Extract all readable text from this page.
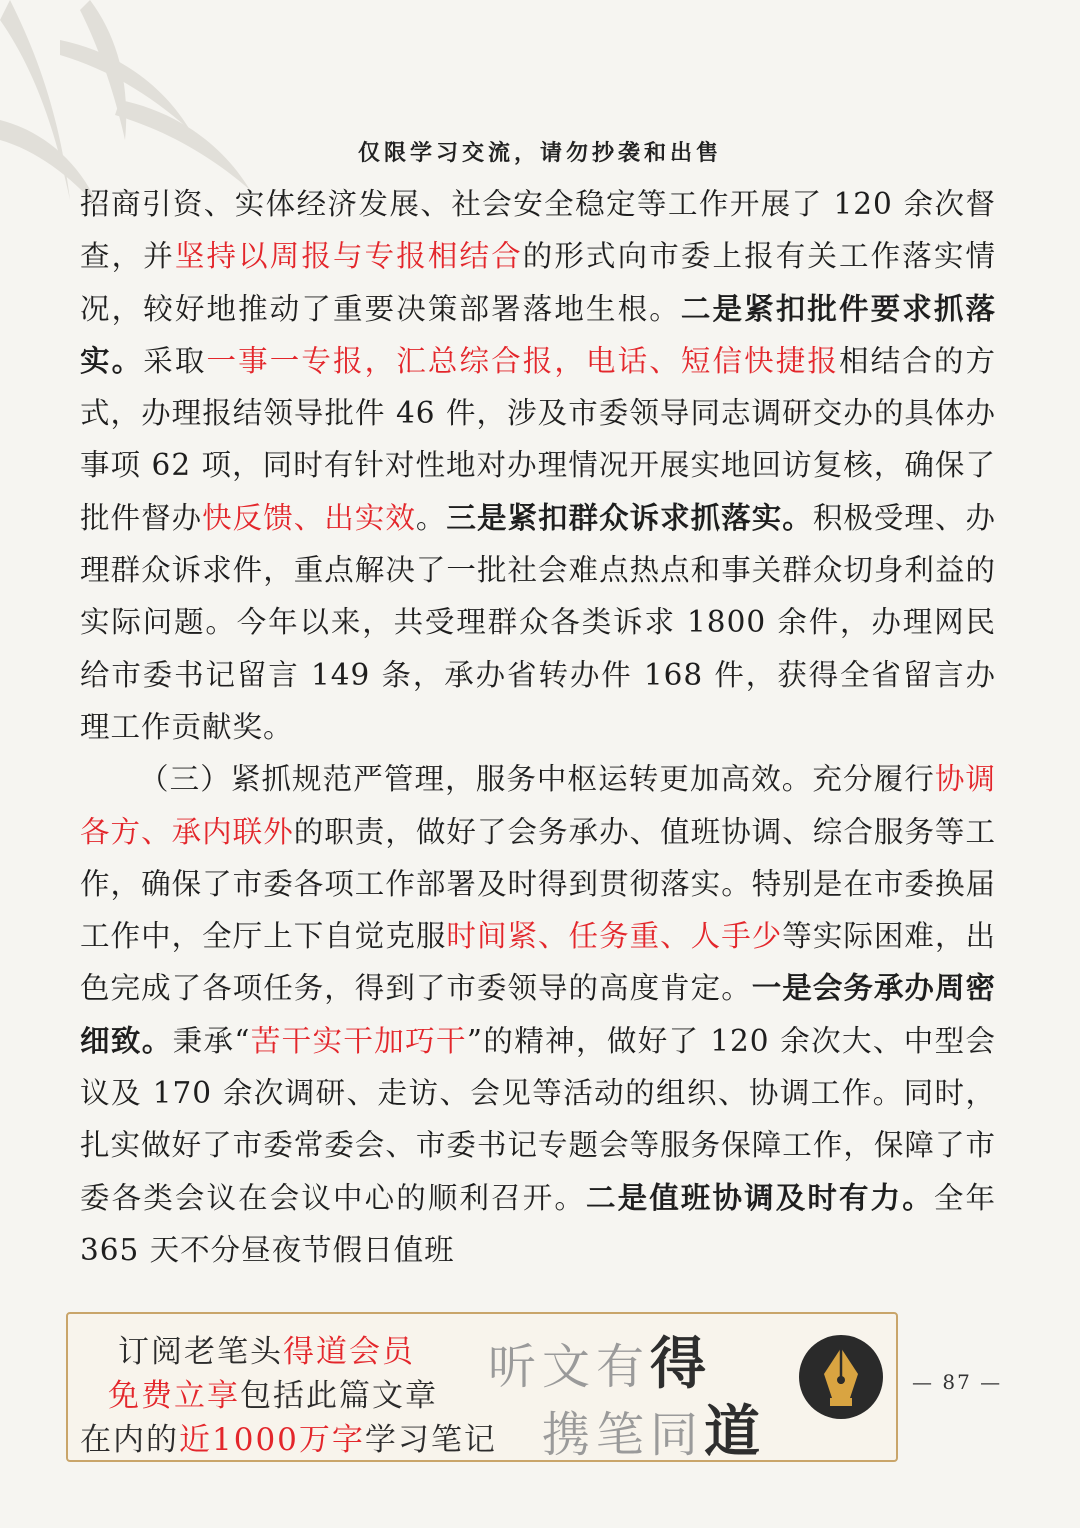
仅限学习交流，请勿抄袭和出售

招商引资、实体经济发展、社会安全稳定等工作开展了 120 余次督查，并坚持以周报与专报相结合的形式向市委上报有关工作落实情况，较好地推动了重要决策部署落地生根。二是紧扣批件要求抓落实。采取一事一专报，汇总综合报，电话、短信快捷报相结合的方式，办理报结领导批件 46 件，涉及市委领导同志调研交办的具体办事项 62 项，同时有针对性地对办理情况开展实地回访复核，确保了批件督办快反馈、出实效。三是紧扣群众诉求抓落实。积极受理、办理群众诉求件，重点解决了一批社会难点热点和事关群众切身利益的实际问题。今年以来，共受理群众各类诉求 1800 余件，办理网民给市委书记留言 149 条，承办省转办件 168 件，获得全省留言办理工作贡献奖。

（三）紧抓规范严管理，服务中枢运转更加高效。充分履行协调各方、承内联外的职责，做好了会务承办、值班协调、综合服务等工作，确保了市委各项工作部署及时得到贯彻落实。特别是在市委换届工作中，全厅上下自觉克服时间紧、任务重、人手少等实际困难，出色完成了各项任务，得到了市委领导的高度肯定。一是会务承办周密细致。秉承“苦干实干加巧干”的精神，做好了 120 余次大、中型会议及 170 余次调研、走访、会见等活动的组织、协调工作。同时，扎实做好了市委常委会、市委书记专题会等服务保障工作，保障了市委各类会议在会议中心的顺利召开。二是值班协调及时有力。全年 365 天不分昼夜节假日值班

订阅老笔头得道会员
免费立享包括此篇文章
在内的近1000万字学习笔记
听文有得
携笔同道
— 87 —
